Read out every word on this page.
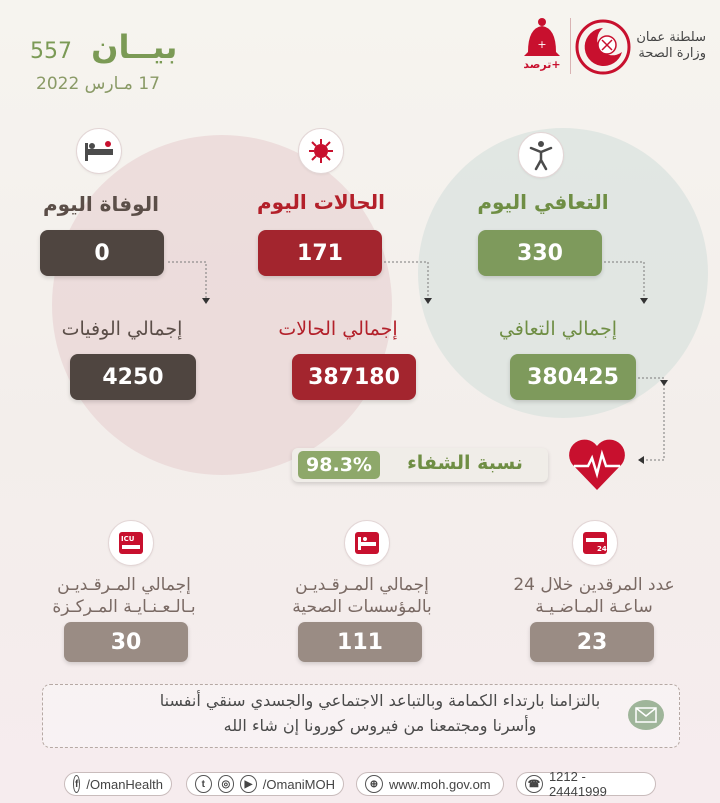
بيــان 557
17 مـارس 2022
+
ترصد+
سلطنة عمان
وزارة الصحة
التعافي اليوم
الحالات اليوم
الوفاة اليوم
330
171
0
إجمالي التعافي
إجمالي الحالات
إجمالي الوفيات
380425
387180
4250
98.3%	نسبة الشفاء
24H
ICU
عدد المرقدين خلال 24
ساعـة المـاضـيـة
إجمالي المـرقـديـن
بالمؤسسات الصحية
إجمالي المـرقـديـن
بـالـعـنـايـة المـركـزة
23
111
30
بالتزامنا بارتداء الكمامة وبالتباعد الاجتماعي والجسدي سنقي أنفسنا
وأسرنا ومجتمعنا من فيروس كورونا إن شاء الله
f /OmanHealth	t	◎	▶ /OmaniMOH	⊕ www.moh.gov.om	☎ 1212 - 24441999
